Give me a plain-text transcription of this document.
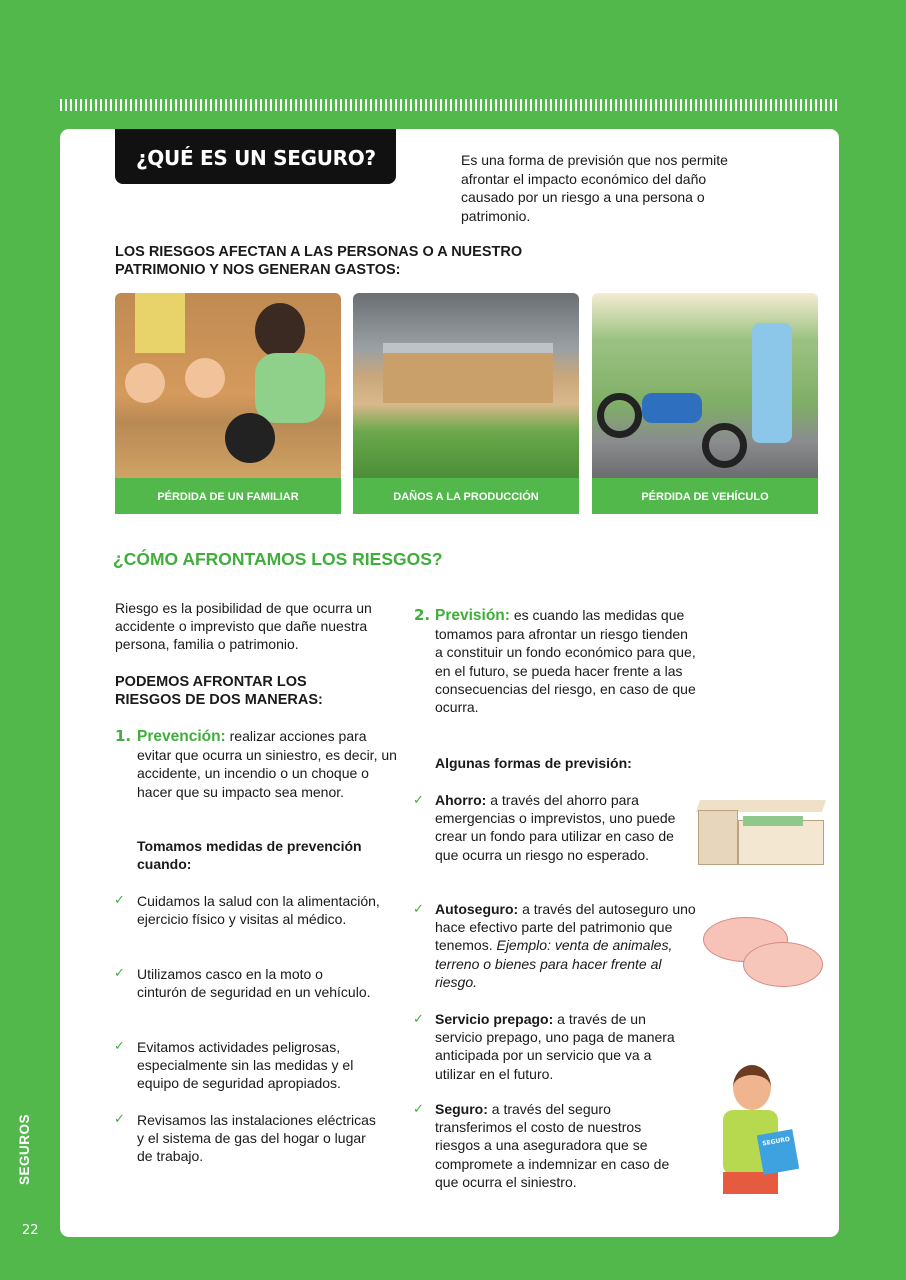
¿QUÉ ES UN SEGURO?	Es una forma de previsión que nos permite afrontar el impacto económico del daño causado por un riesgo a una persona o patrimonio.
LOS RIESGOS AFECTAN A LAS PERSONAS O A NUESTRO PATRIMONIO Y NOS GENERAN GASTOS:
PÉRDIDA DE UN FAMILIAR	DAÑOS A LA PRODUCCIÓN	PÉRDIDA DE VEHÍCULO
¿CÓMO AFRONTAMOS LOS RIESGOS?
Riesgo es la posibilidad de que ocurra un accidente o imprevisto que dañe nuestra persona, familia o patrimonio.
PODEMOS AFRONTAR LOS RIESGOS DE DOS MANERAS:
1. Prevención: realizar acciones para evitar que ocurra un siniestro, es decir, un accidente, un incendio o un choque o hacer que su impacto sea menor.
Tomamos medidas de prevención cuando:
✓ Cuidamos la salud con la alimentación, ejercicio físico y visitas al médico.
✓ Utilizamos casco en la moto o cinturón de seguridad en un vehículo.
✓ Evitamos actividades peligrosas, especialmente sin las medidas y el equipo de seguridad apropiados.
✓ Revisamos las instalaciones eléctricas y el sistema de gas del hogar o lugar de trabajo.
2. Previsión: es cuando las medidas que tomamos para afrontar un riesgo tienden a constituir un fondo económico para que, en el futuro, se pueda hacer frente a las consecuencias del riesgo, en caso de que ocurra.
Algunas formas de previsión:
✓ Ahorro: a través del ahorro para emergencias o imprevistos, uno puede crear un fondo para utilizar en caso de que ocurra un riesgo no esperado.
✓ Autoseguro: a través del autoseguro uno hace efectivo parte del patrimonio que tenemos. Ejemplo: venta de animales, terreno o bienes para hacer frente al riesgo.
✓ Servicio prepago: a través de un servicio prepago, uno paga de manera anticipada por un servicio que va a utilizar en el futuro.
✓ Seguro: a través del seguro transferimos el costo de nuestros riesgos a una aseguradora que se compromete a indemnizar en caso de que ocurra el siniestro.
SEGURO
SEGUROS
22
